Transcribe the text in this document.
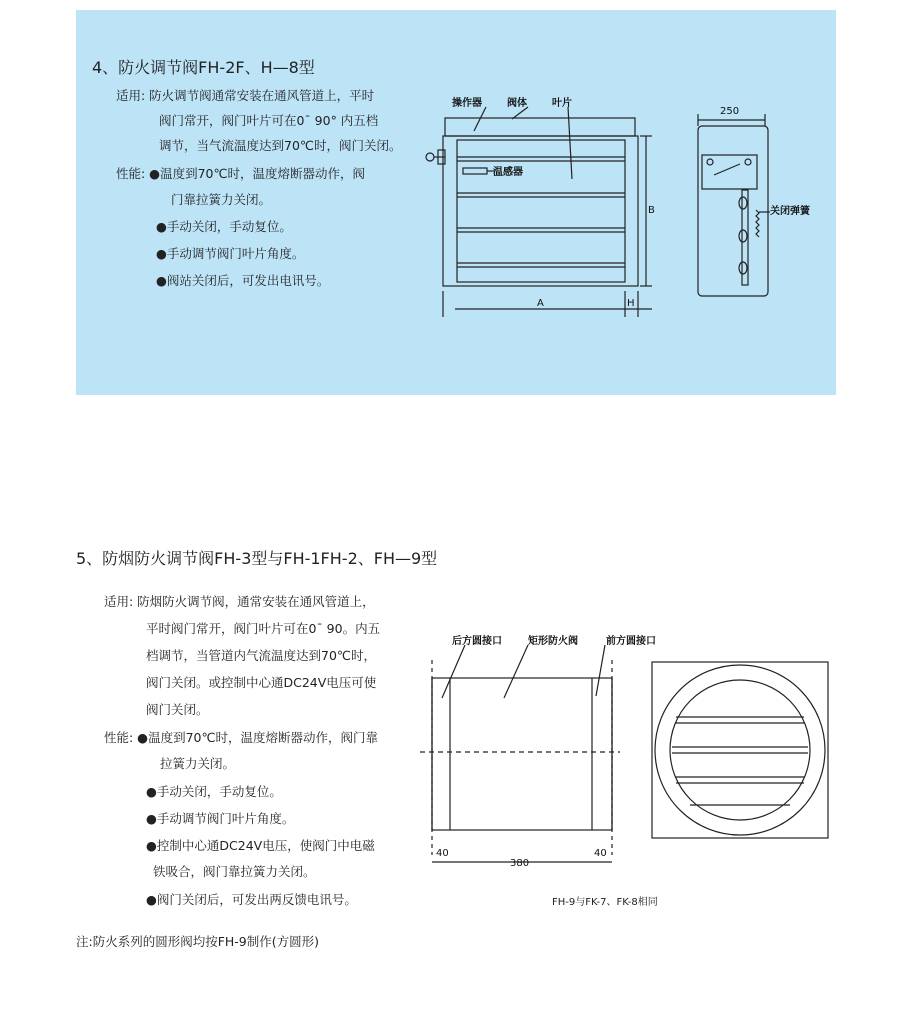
4、防火调节阀FH-2F、H—8型
适用: 防火调节阀通常安装在通风管道上，平时
阀门常开，阀门叶片可在0¯ 90° 内五档
调节，当气流温度达到70℃时，阀门关闭。
性能: ●温度到70℃时，温度熔断器动作，阀
门靠拉簧力关闭。
●手动关闭，手动复位。
●手动调节阀门叶片角度。
●阀站关闭后，可发出电讯号。
操作器	阀体	叶片
温感器
B
A	H
250
关闭弹簧
5、防烟防火调节阀FH-3型与FH-1FH-2、FH—9型
适用: 防烟防火调节阀，通常安装在通风管道上，
平时阀门常开，阀门叶片可在0¯ 90。内五
档调节，当管道内气流温度达到70℃时，
阀门关闭。或控制中心通DC24V电压可使
阀门关闭。
性能: ●温度到70℃时，温度熔断器动作，阀门靠
拉簧力关闭。
●手动关闭，手动复位。
●手动调节阀门叶片角度。
●控制中心通DC24V电压，使阀门中电磁
铁吸合，阀门靠拉簧力关闭。
●阀门关闭后，可发出两反馈电讯号。
注:防火系列的圆形阀均按FH-9制作(方圆形)
后方圆接口	矩形防火阀	前方圆接口
40
380
40
FH-9与FK-7、FK-8相同
